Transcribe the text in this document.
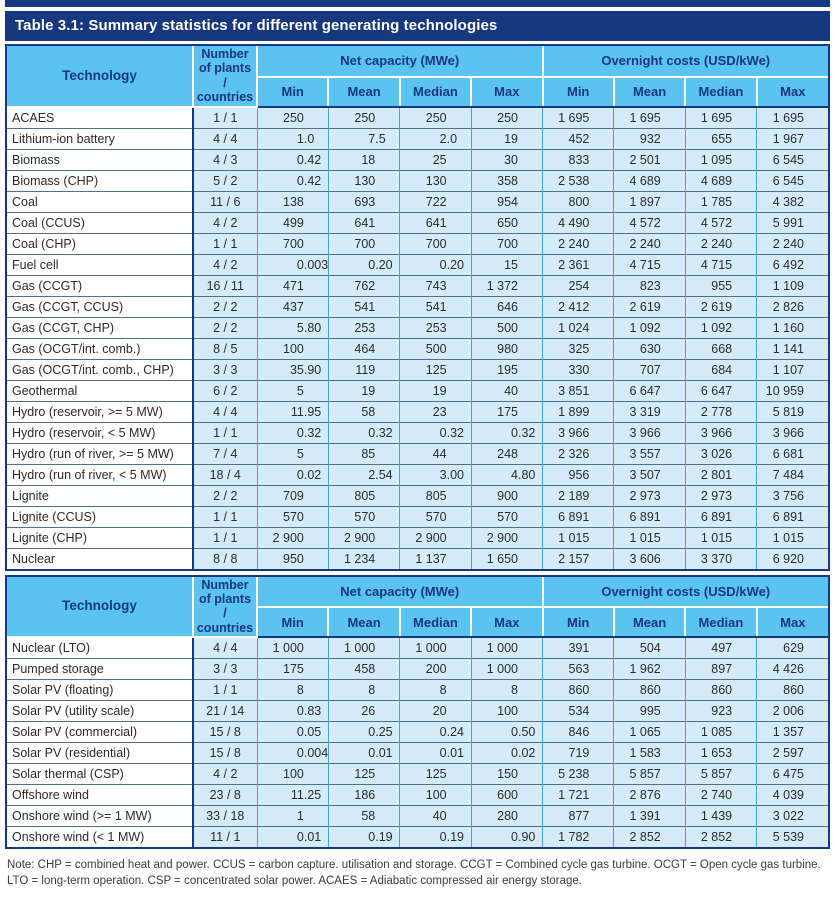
Table 3.1: Summary statistics for different generating technologies
Technology	Number of plants / countries	Net capacity (MWe)				Overnight costs (USD/kWe)			
		Min	Mean	Median	Max	Min	Mean	Median	Max
ACAES	1 / 1	250	250	250	250	1 695	1 695	1 695	1 695

Lithium-ion battery	4 / 4	1 .0	7 .5	2 .0	19	452	932	655	1 967

Biomass	4 / 3	0 .42	18	25	30	833	2 501	1 095	6 545

Biomass (CHP)	5 / 2	0 .42	130	130	358	2 538	4 689	4 689	6 545

Coal	11 / 6	138	693	722	954	800	1 897	1 785	4 382

Coal (CCUS)	4 / 2	499	641	641	650	4 490	4 572	4 572	5 991

Coal (CHP)	1 / 1	700	700	700	700	2 240	2 240	2 240	2 240

Fuel cell	4 / 2	0 .003	0 .20	0 .20	15	2 361	4 715	4 715	6 492

Gas (CCGT)	16 / 11	471	762	743	1 372	254	823	955	1 109

Gas (CCGT, CCUS)	2 / 2	437	541	541	646	2 412	2 619	2 619	2 826

Gas (CCGT, CHP)	2 / 2	5 .80	253	253	500	1 024	1 092	1 092	1 160

Gas (OCGT/int. comb.)	8 / 5	100	464	500	980	325	630	668	1 141

Gas (OCGT/int. comb., CHP)	3 / 3	35 .90	119	125	195	330	707	684	1 107

Geothermal	6 / 2	5	19	19	40	3 851	6 647	6 647	10 959

Hydro (reservoir, >= 5 MW)	4 / 4	11 .95	58	23	175	1 899	3 319	2 778	5 819

Hydro (reservoir, < 5 MW)	1 / 1	0 .32	0 .32	0 .32	0 .32	3 966	3 966	3 966	3 966

Hydro (run of river, >= 5 MW)	7 / 4	5	85	44	248	2 326	3 557	3 026	6 681

Hydro (run of river, < 5 MW)	18 / 4	0 .02	2 .54	3 .00	4 .80	956	3 507	2 801	7 484

Lignite	2 / 2	709	805	805	900	2 189	2 973	2 973	3 756

Lignite (CCUS)	1 / 1	570	570	570	570	6 891	6 891	6 891	6 891

Lignite (CHP)	1 / 1	2 900	2 900	2 900	2 900	1 015	1 015	1 015	1 015

Nuclear	8 / 8	950	1 234	1 137	1 650	2 157	3 606	3 370	6 920
Technology	Number of plants / countries	Net capacity (MWe)				Overnight costs (USD/kWe)			
		Min	Mean	Median	Max	Min	Mean	Median	Max
Nuclear (LTO)	4 / 4	1 000	1 000	1 000	1 000	391	504	497	629

Pumped storage	3 / 3	175	458	200	1 000	563	1 962	897	4 426

Solar PV (floating)	1 / 1	8	8	8	8	860	860	860	860

Solar PV (utility scale)	21 / 14	0 .83	26	20	100	534	995	923	2 006

Solar PV (commercial)	15 / 8	0 .05	0 .25	0 .24	0 .50	846	1 065	1 085	1 357

Solar PV (residential)	15 / 8	0 .004	0 .01	0 .01	0 .02	719	1 583	1 653	2 597

Solar thermal (CSP)	4 / 2	100	125	125	150	5 238	5 857	5 857	6 475

Offshore wind	23 / 8	11 .25	186	100	600	1 721	2 876	2 740	4 039

Onshore wind (>= 1 MW)	33 / 18	1	58	40	280	877	1 391	1 439	3 022

Onshore wind (< 1 MW)	11 / 1	0 .01	0 .19	0 .19	0 .90	1 782	2 852	2 852	5 539

Note: CHP = combined heat and power. CCUS = carbon capture. utilisation and storage. CCGT = Combined cycle gas turbine. OCGT = Open cycle gas turbine. LTO = long-term operation. CSP = concentrated solar power. ACAES = Adiabatic compressed air energy storage.
